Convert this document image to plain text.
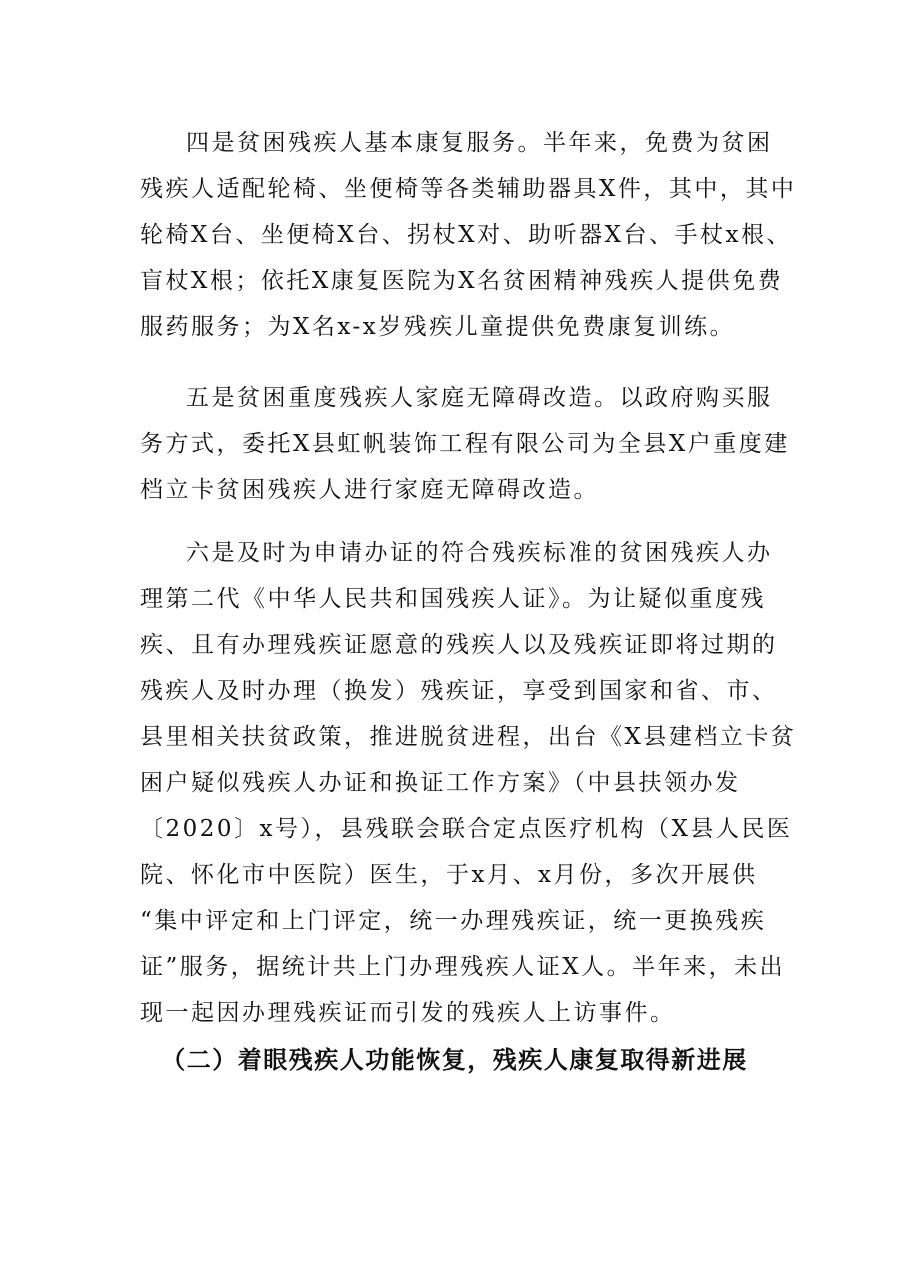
四是贫困残疾人基本康复服务。半年来，免费为贫困
残疾人适配轮椅、坐便椅等各类辅助器具X件，其中，其中
轮椅X台、坐便椅X台、拐杖X对、助听器X台、手杖x根、
盲杖X根；依托X康复医院为X名贫困精神残疾人提供免费
服药服务；为X名x-x岁残疾儿童提供免费康复训练。
五是贫困重度残疾人家庭无障碍改造。以政府购买服
务方式，委托X县虹帆装饰工程有限公司为全县X户重度建
档立卡贫困残疾人进行家庭无障碍改造。
六是及时为申请办证的符合残疾标准的贫困残疾人办
理第二代《中华人民共和国残疾人证》。为让疑似重度残
疾、且有办理残疾证愿意的残疾人以及残疾证即将过期的
残疾人及时办理（换发）残疾证，享受到国家和省、市、
县里相关扶贫政策，推进脱贫进程，出台《X县建档立卡贫
困户疑似残疾人办证和换证工作方案》（中县扶领办发
〔2020〕x号），县残联会联合定点医疗机构（X县人民医
院、怀化市中医院）医生，于x月、x月份，多次开展供
“集中评定和上门评定，统一办理残疾证，统一更换残疾
证”服务，据统计共上门办理残疾人证X人。半年来，未出
现一起因办理残疾证而引发的残疾人上访事件。
（二）着眼残疾人功能恢复，残疾人康复取得新进展
